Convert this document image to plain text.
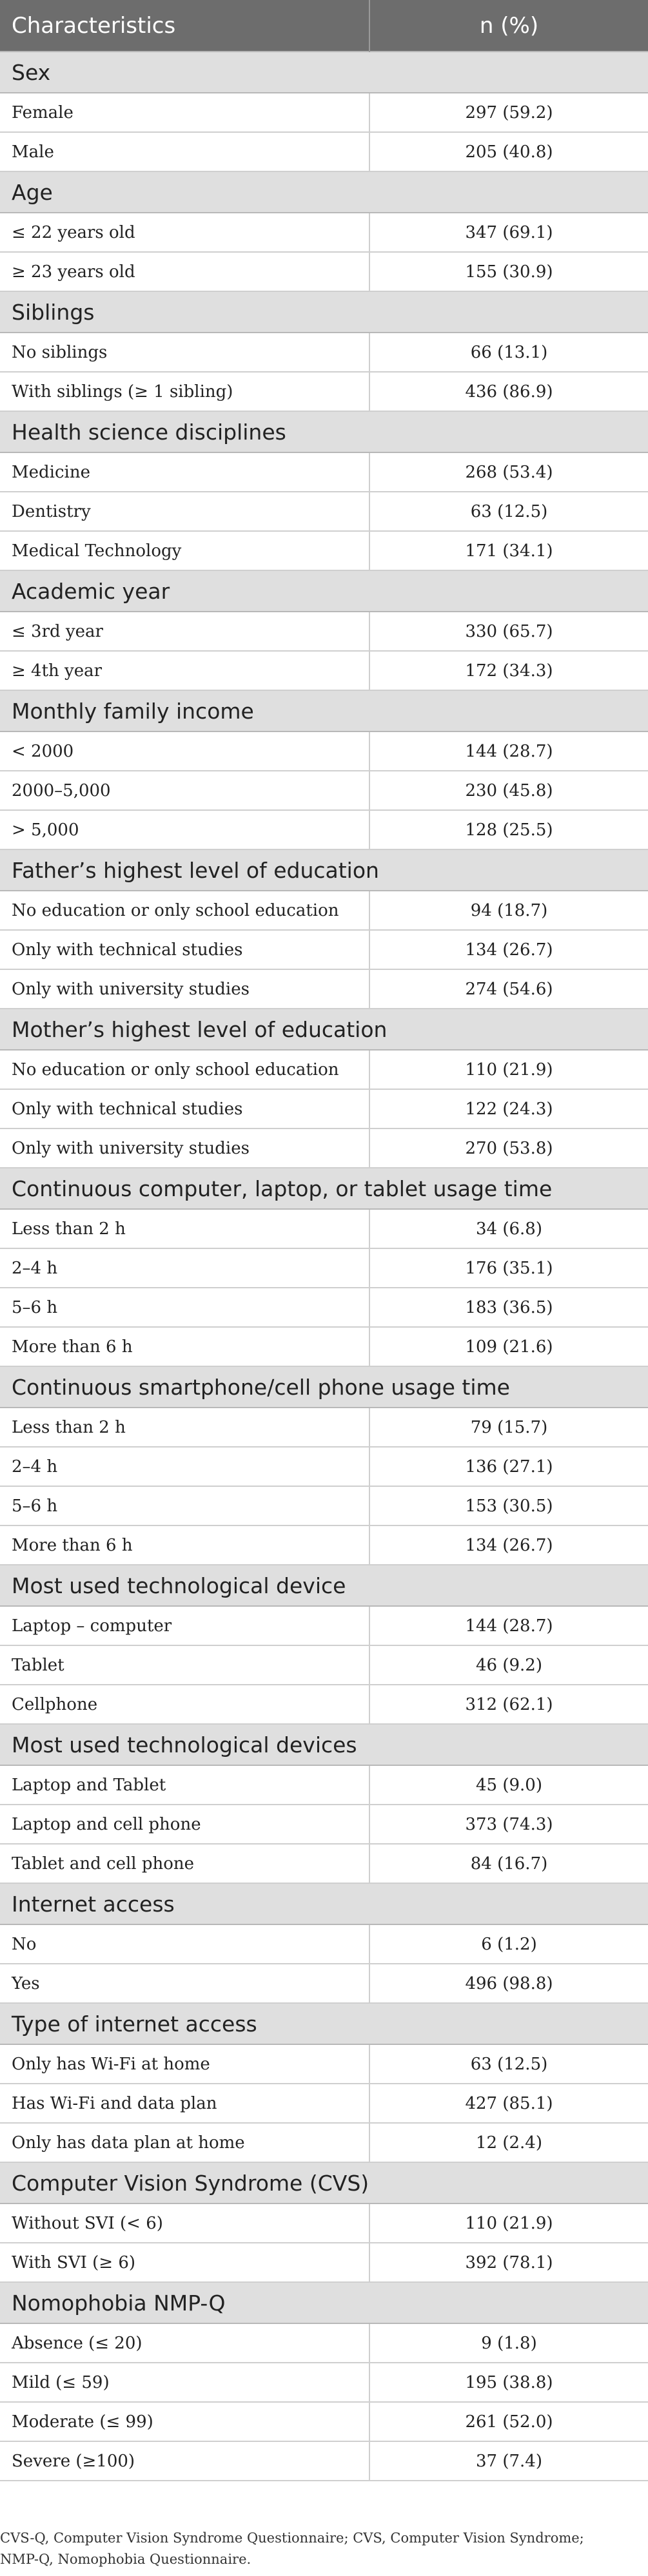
Characteristics	n (%)
Sex	
Female	297 (59.2)
Male	205 (40.8)
Age	
≤ 22 years old	347 (69.1)
≥ 23 years old	155 (30.9)
Siblings	
No siblings	66 (13.1)
With siblings (≥ 1 sibling)	436 (86.9)
Health science disciplines	
Medicine	268 (53.4)
Dentistry	63 (12.5)
Medical Technology	171 (34.1)
Academic year	
≤ 3rd year	330 (65.7)
≥ 4th year	172 (34.3)
Monthly family income	
< 2000	144 (28.7)
2000–5,000	230 (45.8)
> 5,000	128 (25.5)
Father’s highest level of education	
No education or only school education	94 (18.7)
Only with technical studies	134 (26.7)
Only with university studies	274 (54.6)
Mother’s highest level of education	
No education or only school education	110 (21.9)
Only with technical studies	122 (24.3)
Only with university studies	270 (53.8)
Continuous computer, laptop, or tablet usage time	
Less than 2 h	34 (6.8)
2–4 h	176 (35.1)
5–6 h	183 (36.5)
More than 6 h	109 (21.6)
Continuous smartphone/cell phone usage time	
Less than 2 h	79 (15.7)
2–4 h	136 (27.1)
5–6 h	153 (30.5)
More than 6 h	134 (26.7)
Most used technological device	
Laptop – computer	144 (28.7)
Tablet	46 (9.2)
Cellphone	312 (62.1)
Most used technological devices	
Laptop and Tablet	45 (9.0)
Laptop and cell phone	373 (74.3)
Tablet and cell phone	84 (16.7)
Internet access	
No	6 (1.2)
Yes	496 (98.8)
Type of internet access	
Only has Wi-Fi at home	63 (12.5)
Has Wi-Fi and data plan	427 (85.1)
Only has data plan at home	12 (2.4)
Computer Vision Syndrome (CVS)	
Without SVI (< 6)	110 (21.9)
With SVI (≥ 6)	392 (78.1)
Nomophobia NMP-Q	
Absence (≤ 20)	9 (1.8)
Mild (≤ 59)	195 (38.8)
Moderate (≤ 99)	261 (52.0)
Severe (≥100)	37 (7.4)
CVS-Q, Computer Vision Syndrome Questionnaire; CVS, Computer Vision Syndrome;
NMP-Q, Nomophobia Questionnaire.
